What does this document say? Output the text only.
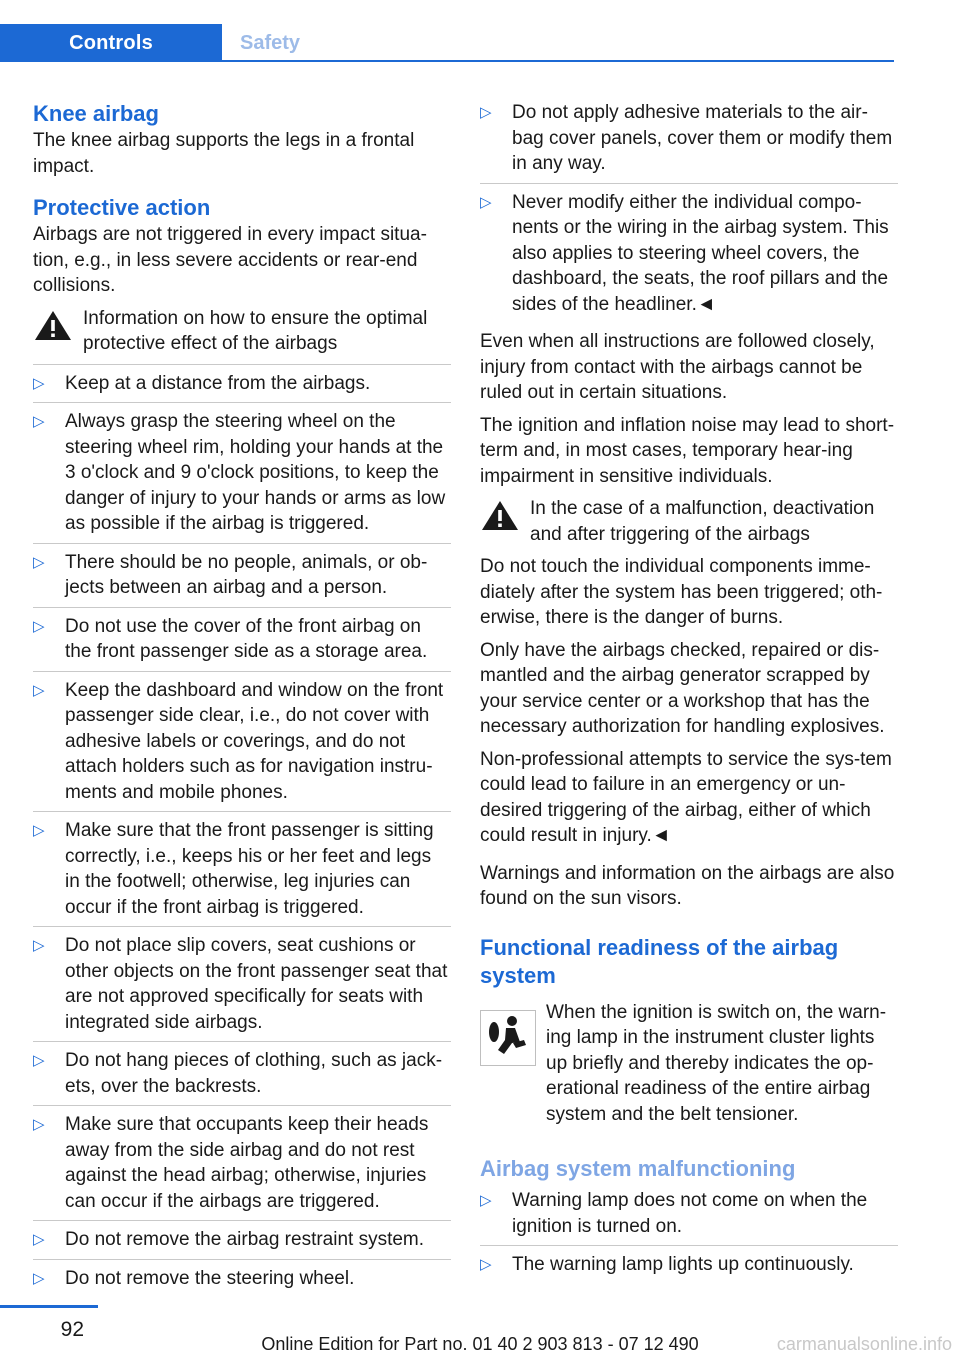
Controls	Safety
Knee airbag

The knee airbag supports the legs in a frontal impact.

Protective action

Airbags are not triggered in every impact situa-tion, e.g., in less severe accidents or rear-end collisions.

Information on how to ensure the optimal protective effect of the airbags
▷	Keep at a distance from the airbags.
▷	Always grasp the steering wheel on the steering wheel rim, holding your hands at the 3 o'clock and 9 o'clock positions, to keep the danger of injury to your hands or arms as low as possible if the airbag is triggered.
▷	There should be no people, animals, or ob-jects between an airbag and a person.
▷	Do not use the cover of the front airbag on the front passenger side as a storage area.
▷	Keep the dashboard and window on the front passenger side clear, i.e., do not cover with adhesive labels or coverings, and do not attach holders such as for navigation instru-ments and mobile phones.
▷	Make sure that the front passenger is sitting correctly, i.e., keeps his or her feet and legs in the footwell; otherwise, leg injuries can occur if the front airbag is triggered.
▷	Do not place slip covers, seat cushions or other objects on the front passenger seat that are not approved specifically for seats with integrated side airbags.
▷	Do not hang pieces of clothing, such as jack-ets, over the backrests.
▷	Make sure that occupants keep their heads away from the side airbag and do not rest against the head airbag; otherwise, injuries can occur if the airbags are triggered.
▷	Do not remove the airbag restraint system.
▷	Do not remove the steering wheel.
▷	Do not apply adhesive materials to the air-bag cover panels, cover them or modify them in any way.
▷	Never modify either the individual compo-nents or the wiring in the airbag system. This also applies to steering wheel covers, the dashboard, the seats, the roof pillars and the sides of the headliner.◄

Even when all instructions are followed closely, injury from contact with the airbags cannot be ruled out in certain situations.

The ignition and inflation noise may lead to short-term and, in most cases, temporary hear-ing impairment in sensitive individuals.

In the case of a malfunction, deactivation and after triggering of the airbags

Do not touch the individual components imme-diately after the system has been triggered; oth-erwise, there is the danger of burns.

Only have the airbags checked, repaired or dis-mantled and the airbag generator scrapped by your service center or a workshop that has the necessary authorization for handling explosives.

Non-professional attempts to service the sys-tem could lead to failure in an emergency or un-desired triggering of the airbag, either of which could result in injury.◄

Warnings and information on the airbags are also found on the sun visors.

Functional readiness of the airbag system
When the ignition is switch on, the warn-ing lamp in the instrument cluster lights up briefly and thereby indicates the op-erational readiness of the entire airbag system and the belt tensioner.
Airbag system malfunctioning
▷	Warning lamp does not come on when the ignition is turned on.
▷	The warning lamp lights up continuously.
92
Online Edition for Part no. 01 40 2 903 813 - 07 12 490	carmanualsonline.info
